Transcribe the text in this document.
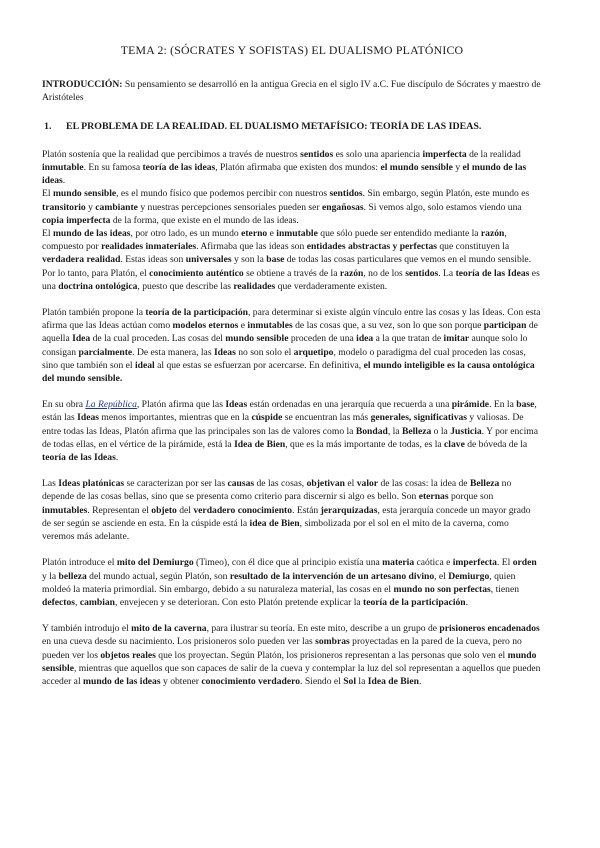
TEMA 2: (SÓCRATES Y SOFISTAS) EL DUALISMO PLATÓNICO
INTRODUCCIÓN: Su pensamiento se desarrolló en la antigua Grecia en el siglo IV a.C. Fue discípulo de Sócrates y maestro de Aristóteles
1. EL PROBLEMA DE LA REALIDAD. EL DUALISMO METAFÍSICO: TEORÍA DE LAS IDEAS.

Platón sostenía que la realidad que percibimos a través de nuestros sentidos es solo una apariencia imperfecta de la realidad inmutable. En su famosa teoría de las ideas, Platón afirmaba que existen dos mundos: el mundo sensible y el mundo de las ideas.

El mundo sensible, es el mundo físico que podemos percibir con nuestros sentidos. Sin embargo, según Platón, este mundo es transitorio y cambiante y nuestras percepciones sensoriales pueden ser engañosas. Si vemos algo, solo estamos viendo una copia imperfecta de la forma, que existe en el mundo de las ideas.

El mundo de las ideas, por otro lado, es un mundo eterno e inmutable que sólo puede ser entendido mediante la razón, compuesto por realidades inmateriales. Afirmaba que las ideas son entidades abstractas y perfectas que constituyen la verdadera realidad. Estas ideas son universales y son la base de todas las cosas particulares que vemos en el mundo sensible. Por lo tanto, para Platón, el conocimiento auténtico se obtiene a través de la razón, no de los sentidos. La teoría de las Ideas es una doctrina ontológica, puesto que describe las realidades que verdaderamente existen.

Platón también propone la teoría de la participación, para determinar si existe algún vínculo entre las cosas y las Ideas. Con esta afirma que las Ideas actúan como modelos eternos e inmutables de las cosas que, a su vez, son lo que son porque participan de aquella Idea de la cual proceden. Las cosas del mundo sensible proceden de una idea a la que tratan de imitar aunque solo lo consigan parcialmente. De esta manera, las Ideas no son solo el arquetipo, modelo o paradigma del cual proceden las cosas, sino que también son el ideal al que estas se esfuerzan por acercarse. En definitiva, el mundo inteligible es la causa ontológica del mundo sensible.

En su obra La República, Platón afirma que las Ideas están ordenadas en una jerarquía que recuerda a una pirámide. En la base, están las Ideas menos importantes, mientras que en la cúspide se encuentran las más generales, significativas y valiosas. De entre todas las Ideas, Platón afirma que las principales son las de valores como la Bondad, la Belleza o la Justicia. Y por encima de todas ellas, en el vértice de la pirámide, está la Idea de Bien, que es la más importante de todas, es la clave de bóveda de la teoría de las Ideas.

Las Ideas platónicas se caracterizan por ser las causas de las cosas, objetivan el valor de las cosas: la idea de Belleza no depende de las cosas bellas, sino que se presenta como criterio para discernir si algo es bello. Son eternas porque son inmutables. Representan el objeto del verdadero conocimiento. Están jerarquizadas, esta jerarquía concede un mayor grado de ser según se asciende en esta. En la cúspide está la idea de Bien, simbolizada por el sol en el mito de la caverna, como veremos más adelante.

Platón introduce el mito del Demiurgo (Timeo), con él dice que al principio existía una materia caótica e imperfecta. El orden y la belleza del mundo actual, según Platón, son resultado de la intervención de un artesano divino, el Demiurgo, quien moldeó la materia primordial. Sin embargo, debido a su naturaleza material, las cosas en el mundo no son perfectas, tienen defectos, cambian, envejecen y se deterioran. Con esto Platón pretende explicar la teoría de la participación.

Y también introdujo el mito de la caverna, para ilustrar su teoría. En este mito, describe a un grupo de prisioneros encadenados en una cueva desde su nacimiento. Los prisioneros solo pueden ver las sombras proyectadas en la pared de la cueva, pero no pueden ver los objetos reales que los proyectan. Según Platón, los prisioneros representan a las personas que solo ven el mundo sensible, mientras que aquellos que son capaces de salir de la cueva y contemplar la luz del sol representan a aquellos que pueden acceder al mundo de las ideas y obtener conocimiento verdadero. Siendo el Sol la Idea de Bien.
